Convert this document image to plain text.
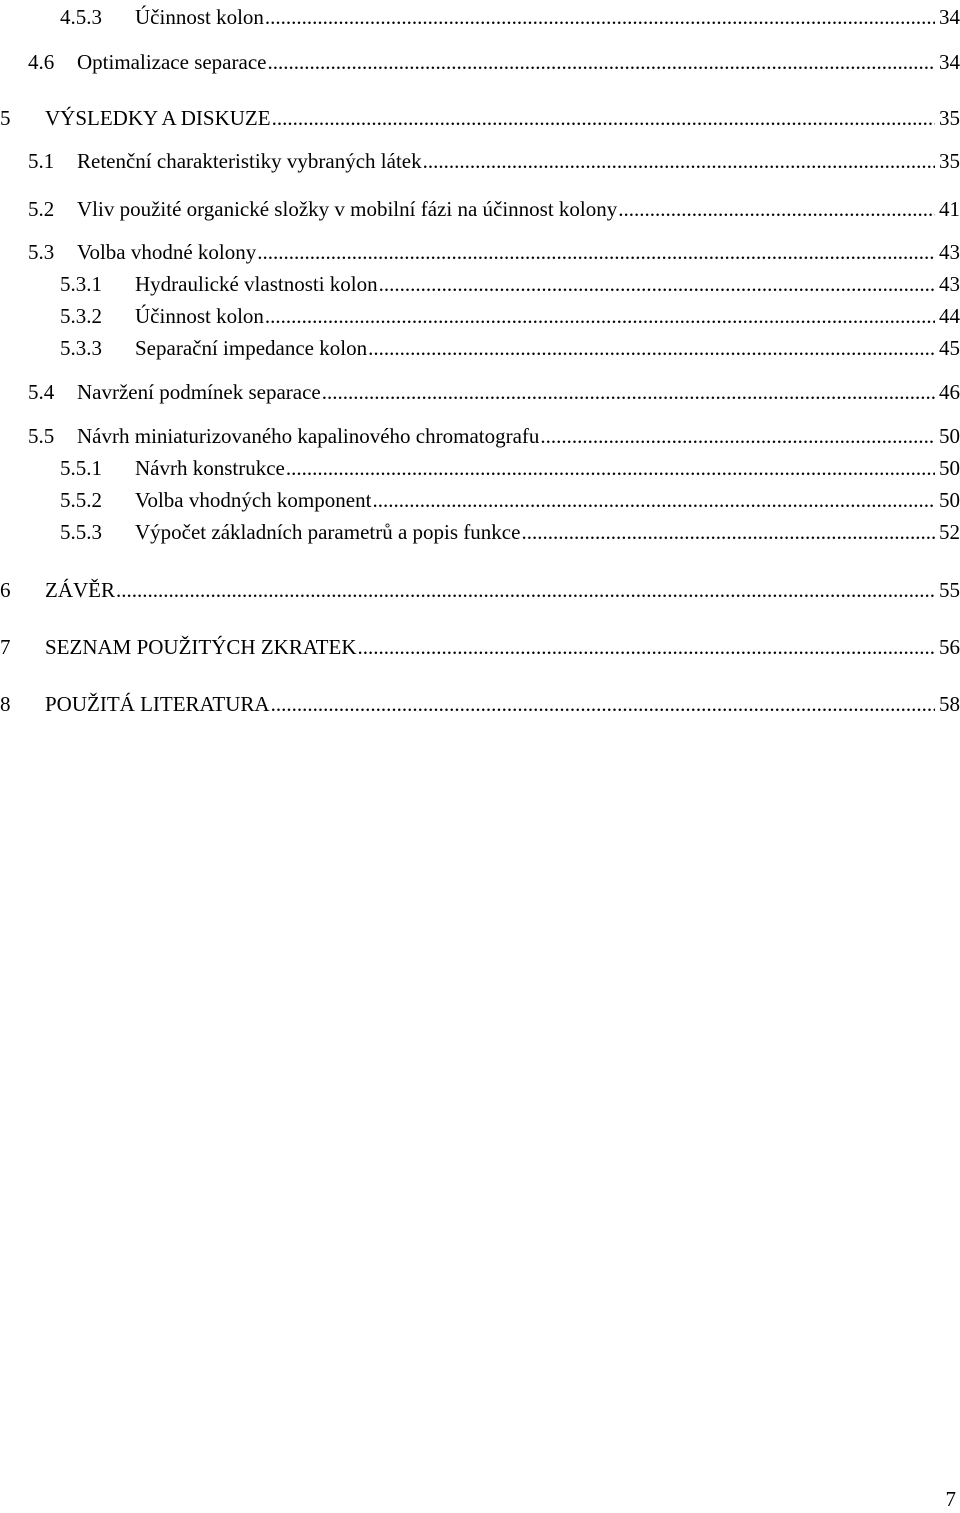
4.5.3 Účinnost kolon .....	34
4.6 Optimalizace separace .....	34
5 VÝSLEDKY A DISKUZE .....	35
5.1 Retenční charakteristiky vybraných látek .....	35
5.2 Vliv použité organické složky v mobilní fázi na účinnost kolony .....	41
5.3 Volba vhodné kolony .....	43
5.3.1 Hydraulické vlastnosti kolon .....	43
5.3.2 Účinnost kolon .....	44
5.3.3 Separační impedance kolon .....	45
5.4 Navržení podmínek separace .....	46
5.5 Návrh miniaturizovaného kapalinového chromatografu .....	50
5.5.1 Návrh konstrukce .....	50
5.5.2 Volba vhodných komponent .....	50
5.5.3 Výpočet základních parametrů a popis funkce .....	52
6 ZÁVĚR .....	55
7 SEZNAM POUŽITÝCH ZKRATEK .....	56
8 POUŽITÁ LITERATURA .....	58
7
